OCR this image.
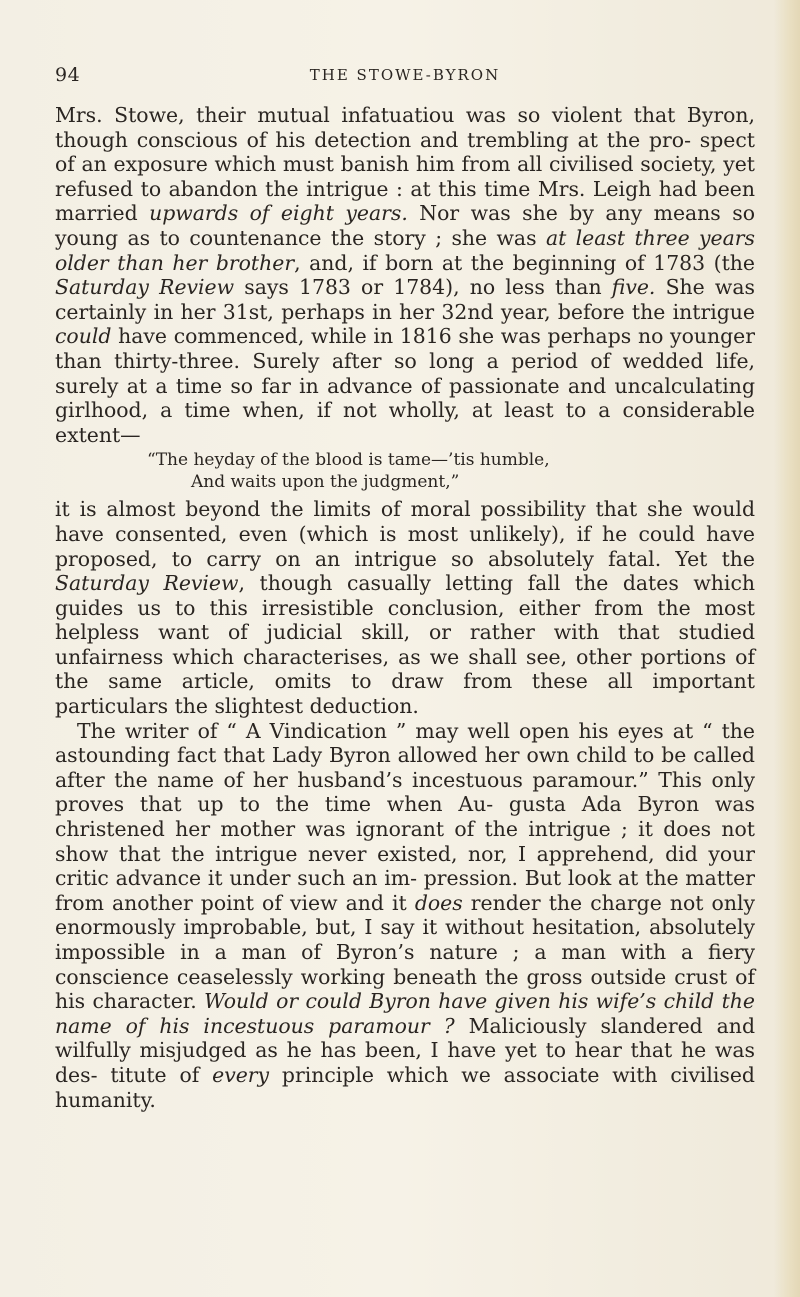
94	THE STOWE-BYRON

Mrs. Stowe, their mutual infatuatiou was so violent that Byron, though conscious of his detection and trembling at the pro- spect of an exposure which must banish him from all civilised society, yet refused to abandon the intrigue : at this time Mrs. Leigh had been married upwards of eight years. Nor was she by any means so young as to countenance the story ; she was at least three years older than her brother, and, if born at the beginning of 1783 (the Saturday Review says 1783 or 1784), no less than five. She was certainly in her 31st, perhaps in her 32nd year, before the intrigue could have commenced, while in 1816 she was perhaps no younger than thirty-three. Surely after so long a period of wedded life, surely at a time so far in advance of passionate and uncalculating girlhood, a time when, if not wholly, at least to a considerable extent—

“The heyday of the blood is tame—’tis humble,
And waits upon the judgment,”

it is almost beyond the limits of moral possibility that she would have consented, even (which is most unlikely), if he could have proposed, to carry on an intrigue so absolutely fatal. Yet the Saturday Review, though casually letting fall the dates which guides us to this irresistible conclusion, either from the most helpless want of judicial skill, or rather with that studied unfairness which characterises, as we shall see, other portions of the same article, omits to draw from these all important particulars the slightest deduction.

The writer of “ A Vindication ” may well open his eyes at “ the astounding fact that Lady Byron allowed her own child to be called after the name of her husband’s incestuous paramour.” This only proves that up to the time when Au- gusta Ada Byron was christened her mother was ignorant of the intrigue ; it does not show that the intrigue never existed, nor, I apprehend, did your critic advance it under such an im- pression. But look at the matter from another point of view and it does render the charge not only enormously improbable, but, I say it without hesitation, absolutely impossible in a man of Byron’s nature ; a man with a fiery conscience ceaselessly working beneath the gross outside crust of his character. Would or could Byron have given his wife’s child the name of his incestuous paramour ? Maliciously slandered and wilfully misjudged as he has been, I have yet to hear that he was des- titute of every principle which we associate with civilised humanity.
